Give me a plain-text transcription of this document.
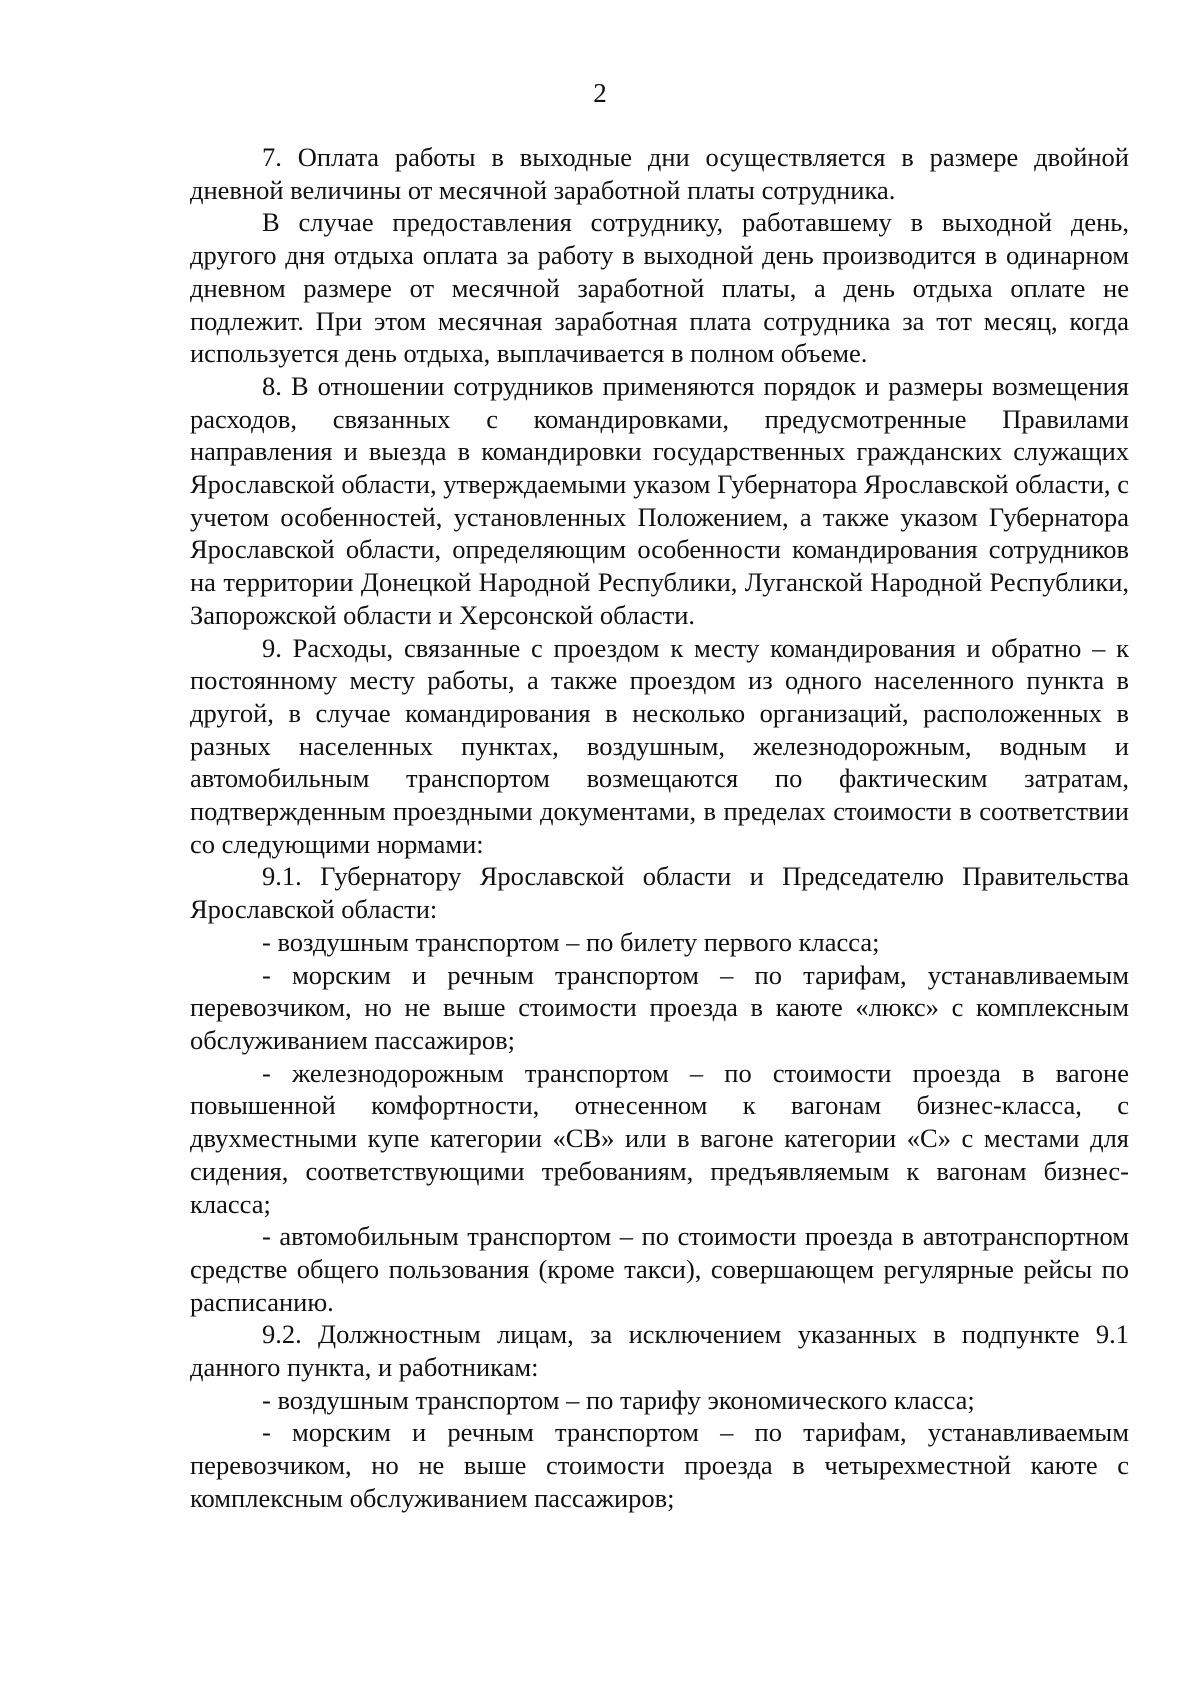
2

7. Оплата работы в выходные дни осуществляется в размере двойной дневной величины от месячной заработной платы сотрудника.

В случае предоставления сотруднику, работавшему в выходной день, другого дня отдыха оплата за работу в выходной день производится в одинарном дневном размере от месячной заработной платы, а день отдыха оплате не подлежит. При этом месячная заработная плата сотрудника за тот месяц, когда используется день отдыха, выплачивается в полном объеме.

8. В отношении сотрудников применяются порядок и размеры возмещения расходов, связанных с командировками, предусмотренные Правилами направления и выезда в командировки государственных гражданских служащих Ярославской области, утверждаемыми указом Губернатора Ярославской области, с учетом особенностей, установленных Положением, а также указом Губернатора Ярославской области, определяющим особенности командирования сотрудников на территории Донецкой Народной Республики, Луганской Народной Республики, Запорожской области и Херсонской области.

9. Расходы, связанные с проездом к месту командирования и обратно – к постоянному месту работы, а также проездом из одного населенного пункта в другой, в случае командирования в несколько организаций, расположенных в разных населенных пунктах, воздушным, железнодорожным, водным и автомобильным транспортом возмещаются по фактическим затратам, подтвержденным проездными документами, в пределах стоимости в соответствии со следующими нормами:

9.1. Губернатору Ярославской области и Председателю Правительства Ярославской области:

- воздушным транспортом – по билету первого класса;

- морским и речным транспортом – по тарифам, устанавливаемым перевозчиком, но не выше стоимости проезда в каюте «люкс» с комплексным обслуживанием пассажиров;

- железнодорожным транспортом – по стоимости проезда в вагоне повышенной комфортности, отнесенном к вагонам бизнес-класса, с двухместными купе категории «СВ» или в вагоне категории «С» с местами для сидения, соответствующими требованиям, предъявляемым к вагонам бизнес-класса;

- автомобильным транспортом – по стоимости проезда в автотранспортном средстве общего пользования (кроме такси), совершающем регулярные рейсы по расписанию.

9.2. Должностным лицам, за исключением указанных в подпункте 9.1 данного пункта, и работникам:

- воздушным транспортом – по тарифу экономического класса;

- морским и речным транспортом – по тарифам, устанавливаемым перевозчиком, но не выше стоимости проезда в четырехместной каюте с комплексным обслуживанием пассажиров;
